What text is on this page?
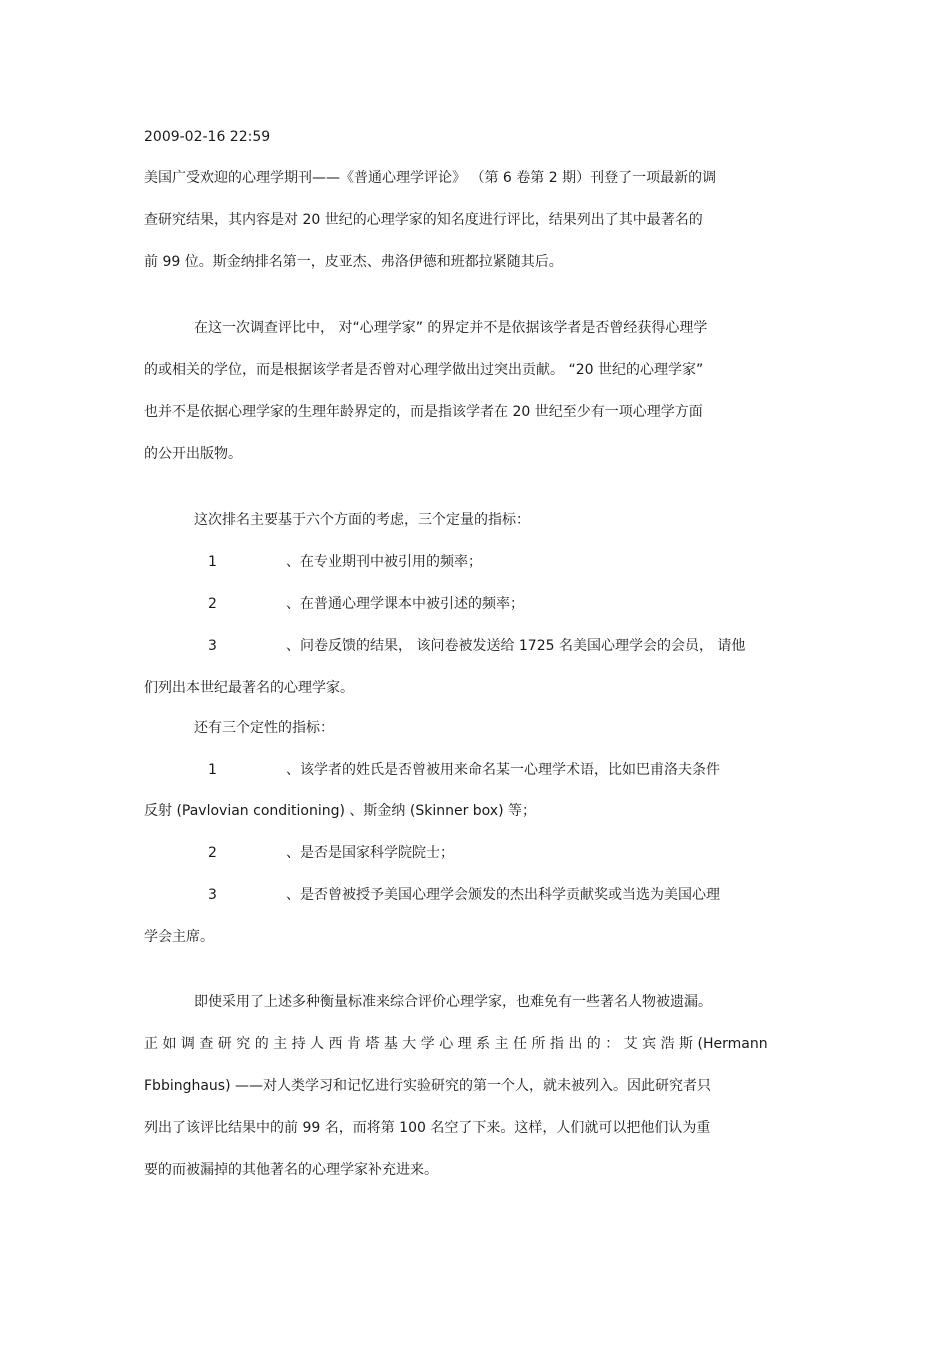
2009-02-16 22:59
美国广受欢迎的心理学期刊——《普通心理学评论》 （第 6 卷第 2 期）刊登了一项最新的调
查研究结果，其内容是对 20 世纪的心理学家的知名度进行评比，结果列出了其中最著名的
前 99 位。斯金纳排名第一，皮亚杰、弗洛伊德和班都拉紧随其后。
在这一次调查评比中， 对“心理学家” 的界定并不是依据该学者是否曾经获得心理学
的或相关的学位，而是根据该学者是否曾对心理学做出过突出贡献。 “20 世纪的心理学家”
也并不是依据心理学家的生理年龄界定的，而是指该学者在 20 世纪至少有一项心理学方面
的公开出版物。
这次排名主要基于六个方面的考虑，三个定量的指标：
1	、在专业期刊中被引用的频率；
2	、在普通心理学课本中被引述的频率；
3	、问卷反馈的结果， 该问卷被发送给 1725 名美国心理学会的会员， 请他
们列出本世纪最著名的心理学家。
还有三个定性的指标：
1	、该学者的姓氏是否曾被用来命名某一心理学术语，比如巴甫洛夫条件
反射 (Pavlovian conditioning) 、斯金纳 (Skinner box) 等；
2	、是否是国家科学院院士；
3	、是否曾被授予美国心理学会颁发的杰出科学贡献奖或当选为美国心理
学会主席。
即使采用了上述多种衡量标准来综合评价心理学家，也难免有一些著名人物被遗漏。
正 如 调 查 研 究 的 主 持 人 西 肯 塔 基 大 学 心 理 系 主 任 所 指 出 的 ： 艾 宾 浩 斯 (Hermann
Fbbinghaus) ——对人类学习和记忆进行实验研究的第一个人，就未被列入。因此研究者只
列出了该评比结果中的前 99 名，而将第 100 名空了下来。这样，人们就可以把他们认为重
要的而被漏掉的其他著名的心理学家补充进来。
